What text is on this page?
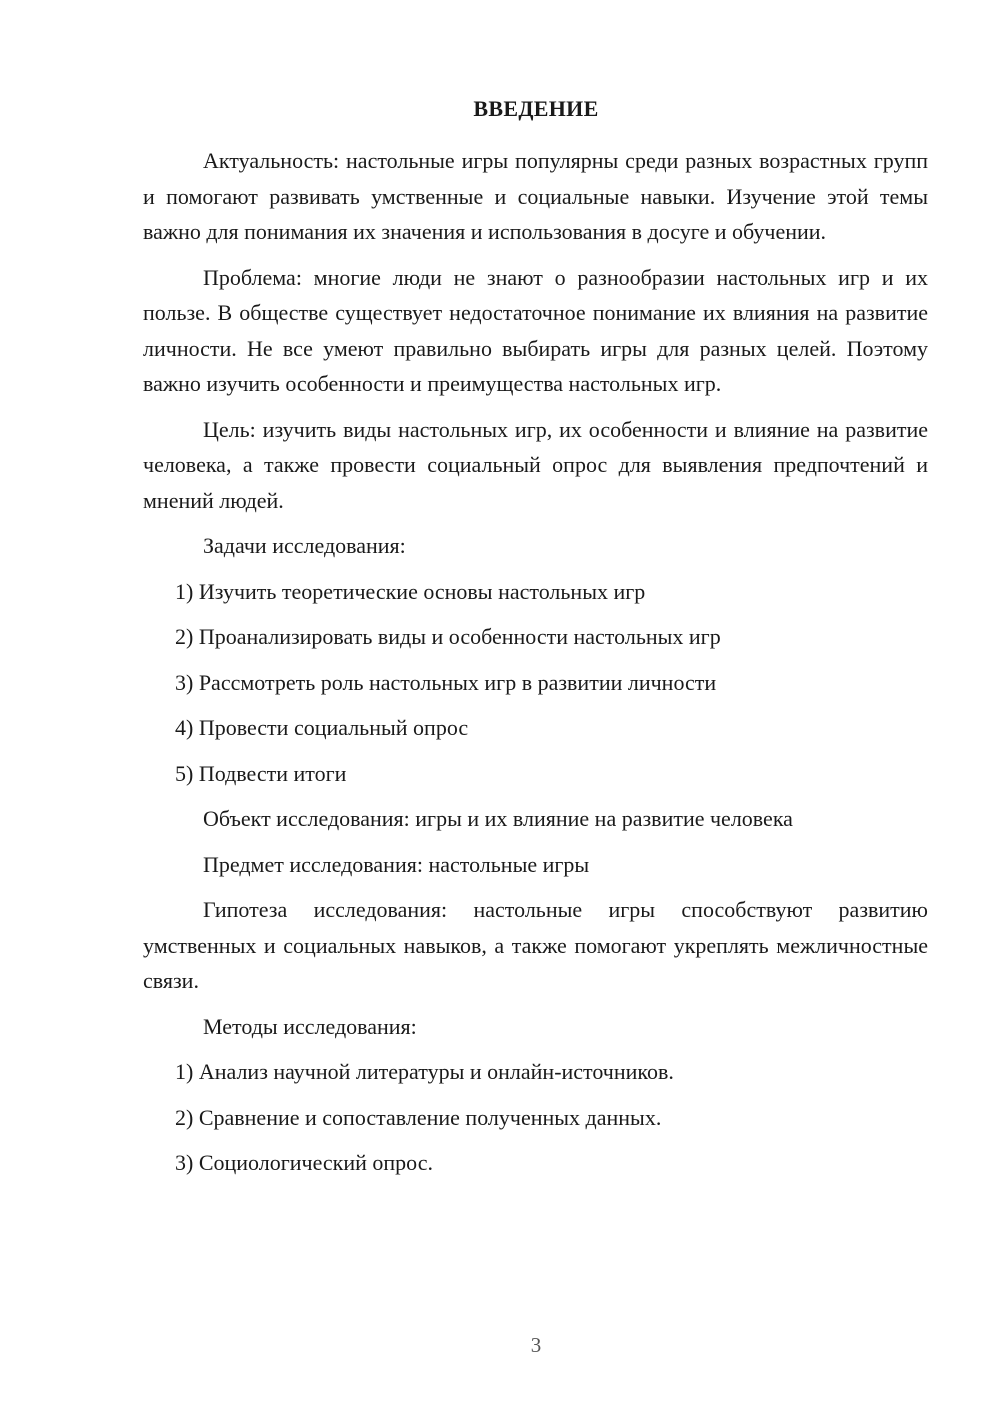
ВВЕДЕНИЕ

Актуальность: настольные игры популярны среди разных возрастных групп и помогают развивать умственные и социальные навыки. Изучение этой темы важно для понимания их значения и использования в досуге и обучении.

Проблема: многие люди не знают о разнообразии настольных игр и их пользе. В обществе существует недостаточное понимание их влияния на развитие личности. Не все умеют правильно выбирать игры для разных целей. Поэтому важно изучить особенности и преимущества настольных игр.

Цель: изучить виды настольных игр, их особенности и влияние на развитие человека, а также провести социальный опрос для выявления предпочтений и мнений людей.

Задачи исследования:

1) Изучить теоретические основы настольных игр

2) Проанализировать виды и особенности настольных игр

3) Рассмотреть роль настольных игр в развитии личности

4) Провести социальный опрос

5) Подвести итоги

Объект исследования: игры и их влияние на развитие человека

Предмет исследования: настольные игры

Гипотеза исследования: настольные игры способствуют развитию умственных и социальных навыков, а также помогают укреплять межличностные связи.

Методы исследования:

1) Анализ научной литературы и онлайн-источников.

2) Сравнение и сопоставление полученных данных.

3) Социологический опрос.

3
